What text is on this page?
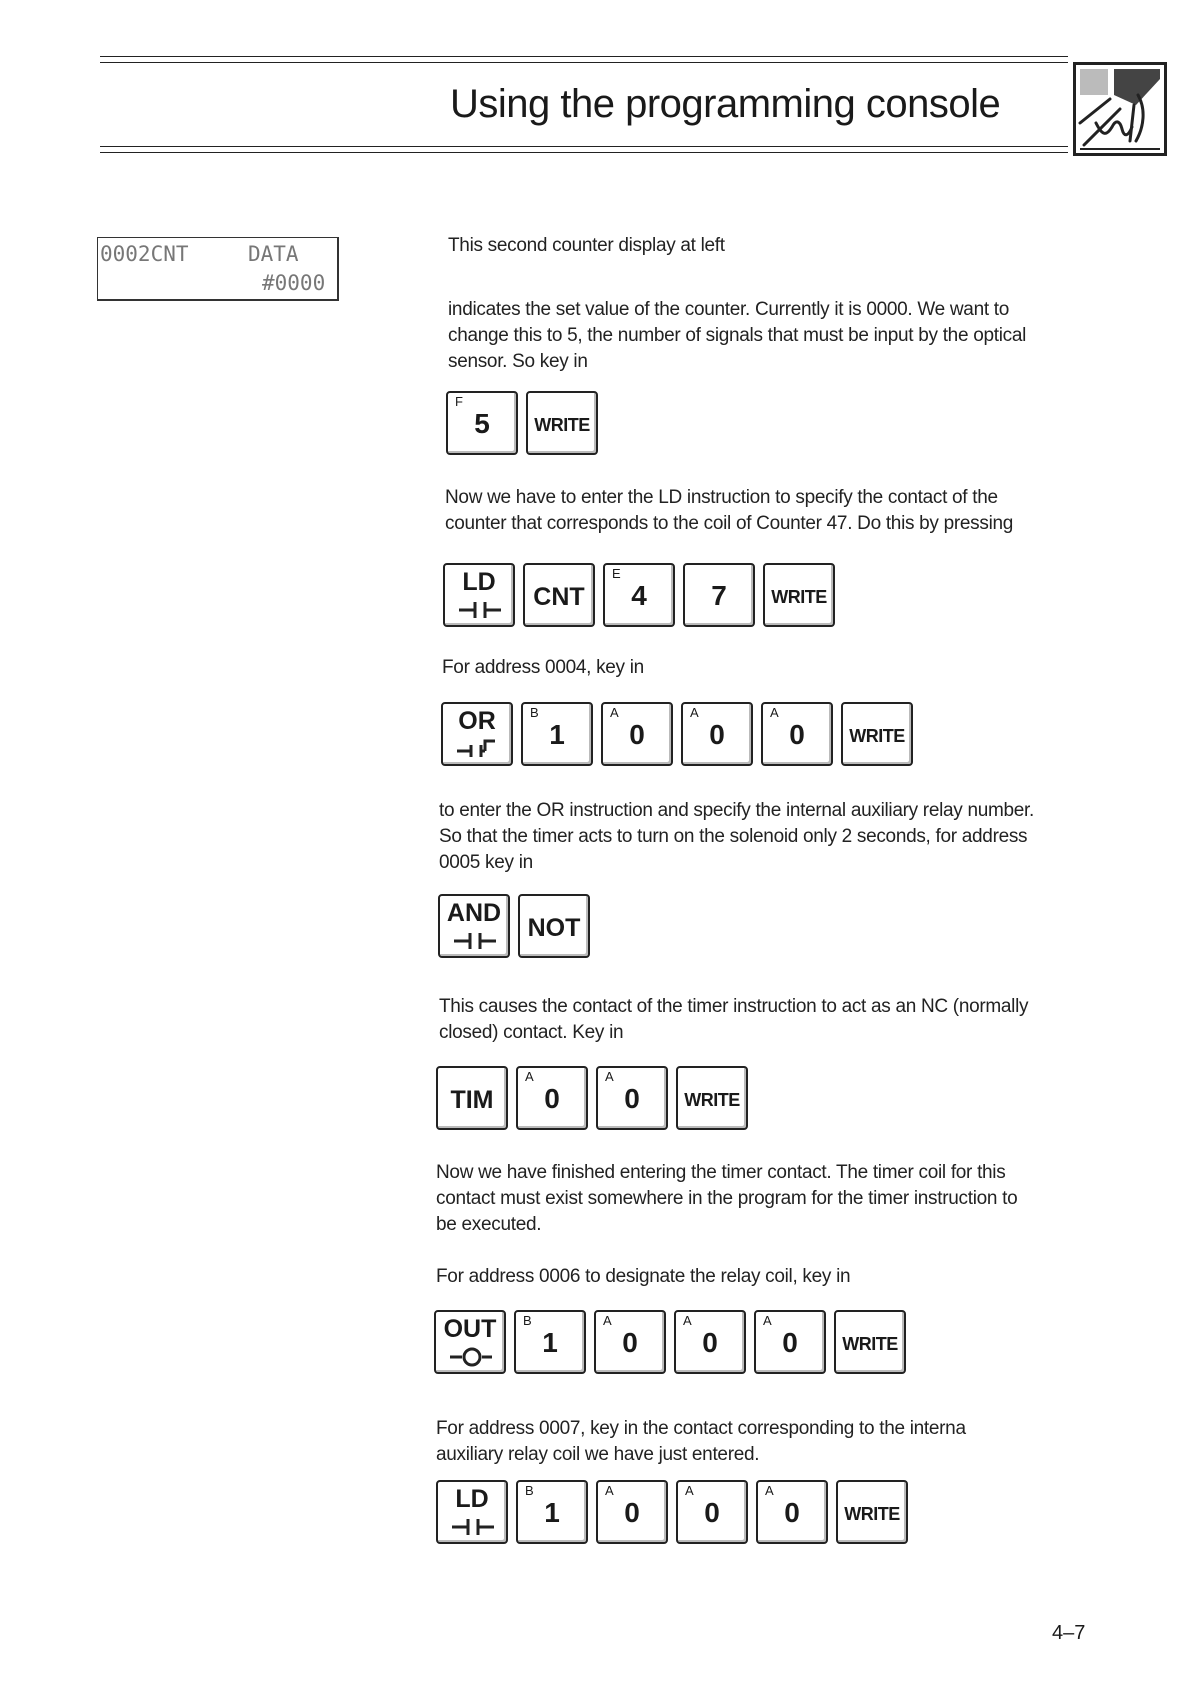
Using the programming console
0002CNT	DATA
#0000

This second counter display at left

indicates the set value of the counter. Currently it is 0000. We want to

change this to 5, the number of signals that must be input by the optical

sensor. So key in

Now we have to enter the LD instruction to specify the contact of the

counter that corresponds to the coil of Counter 47. Do this by pressing

For address 0004, key in

to enter the OR instruction and specify the internal auxiliary relay number.

So that the timer acts to turn on the solenoid only 2 seconds, for address

0005 key in

This causes the contact of the timer instruction to act as an NC (normally

closed) contact. Key in

Now we have finished entering the timer contact. The timer coil for this

contact must exist somewhere in the program for the timer instruction to

be executed.

For address 0006 to designate the relay coil, key in

For address 0007, key in the contact corresponding to the interna

auxiliary relay coil we have just entered.

F
5	WRITE
LD
CNT
E
4	7	WRITE
OR	B
1
A
0
A
0
A
0	WRITE
AND
NOT
TIM
A
0
A
0	WRITE
OUT	B
1
A
0
A
0
A
0	WRITE
LD	B
1
A
0
A
0
A
0	WRITE
4–7
